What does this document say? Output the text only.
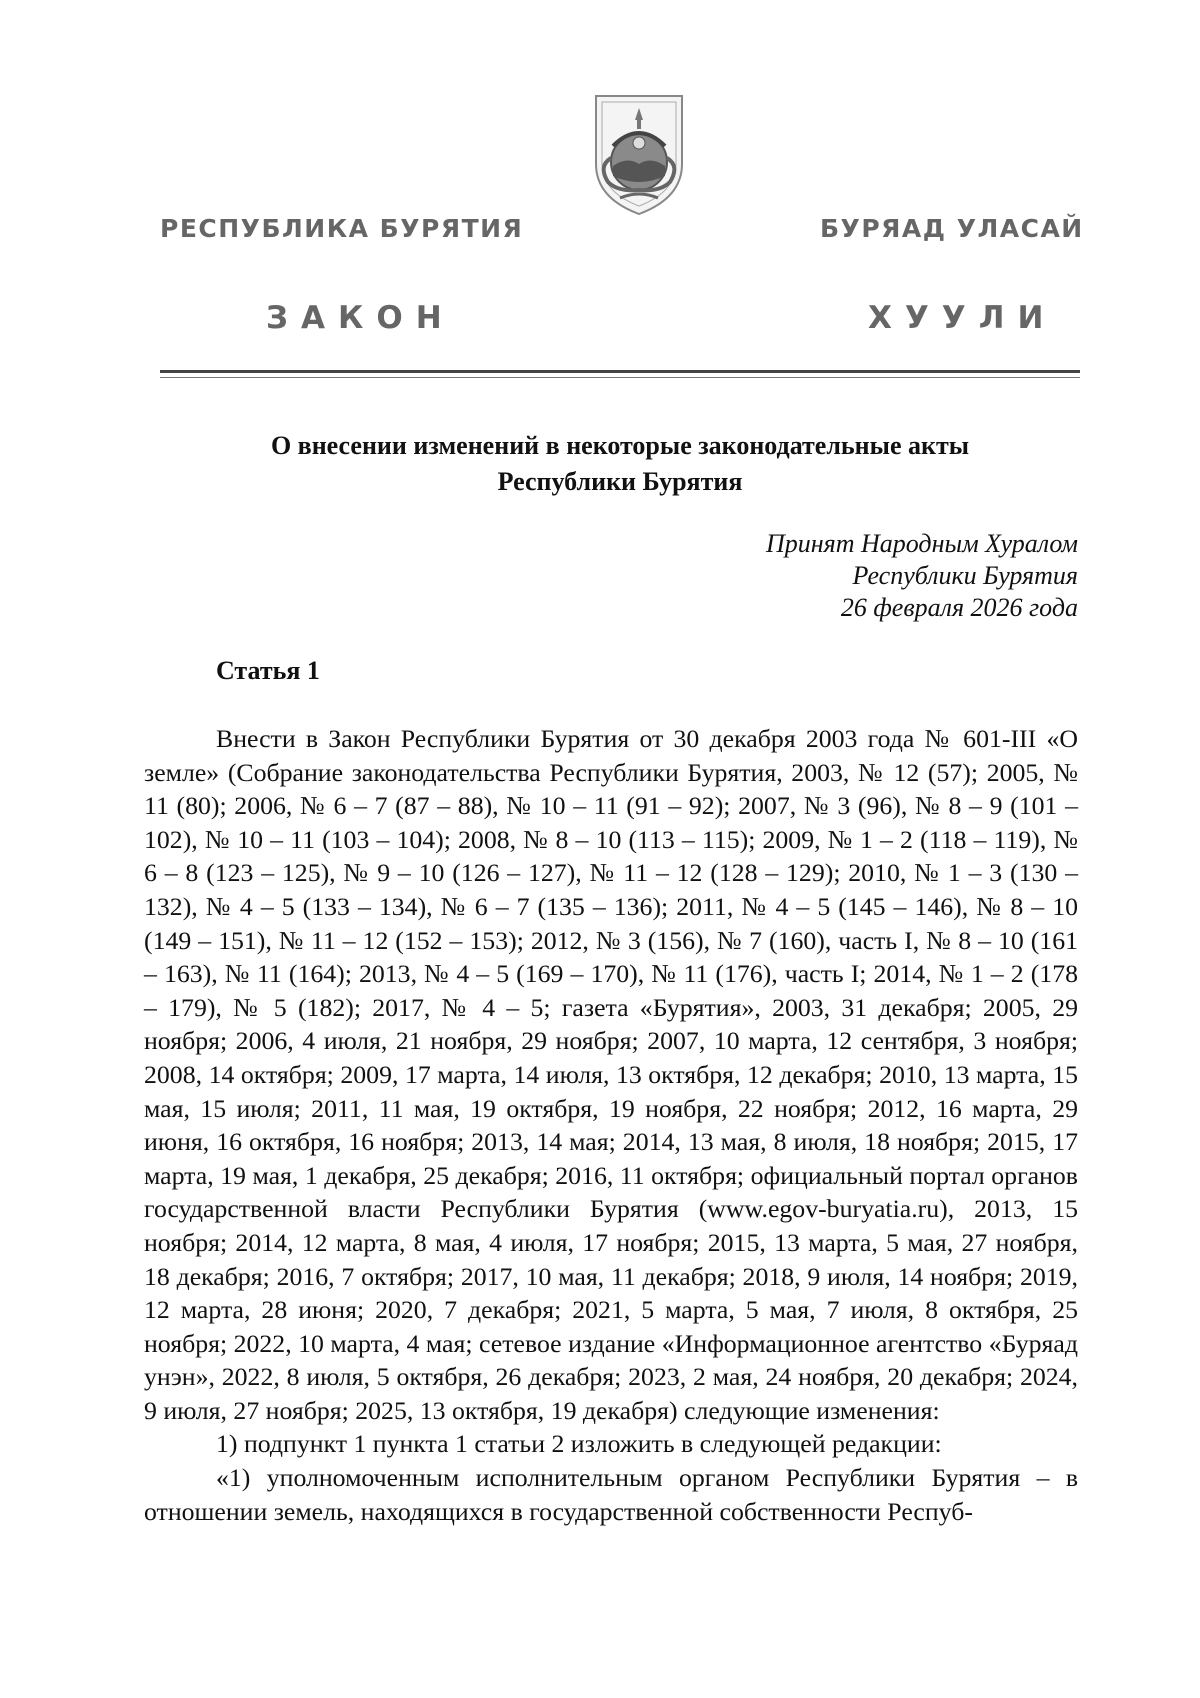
РЕСПУБЛИКА БУРЯТИЯ	БУРЯАД УЛАСАЙ
ЗАКОН	ХУУЛИ
О внесении изменений в некоторые законодательные акты
Республики Бурятия
Принят Народным Хуралом
Республики Бурятия
26 февраля 2026 года
Статья 1

Внести в Закон Республики Бурятия от 30 декабря 2003 года № 601-III «О земле» (Собрание законодательства Республики Бурятия, 2003, № 12 (57); 2005, № 11 (80); 2006, № 6 – 7 (87 – 88), № 10 – 11 (91 – 92); 2007, № 3 (96), № 8 – 9 (101 – 102), № 10 – 11 (103 – 104); 2008, № 8 – 10 (113 – 115); 2009, № 1 – 2 (118 – 119), № 6 – 8 (123 – 125), № 9 – 10 (126 – 127), № 11 – 12 (128 – 129); 2010, № 1 – 3 (130 – 132), № 4 – 5 (133 – 134), № 6 – 7 (135 – 136); 2011, № 4 – 5 (145 – 146), № 8 – 10 (149 – 151), № 11 – 12 (152 – 153); 2012, № 3 (156), № 7 (160), часть I, № 8 – 10 (161 – 163), № 11 (164); 2013, № 4 – 5 (169 – 170), № 11 (176), часть I; 2014, № 1 – 2 (178 – 179), № 5 (182); 2017, № 4 – 5; газета «Бурятия», 2003, 31 декабря; 2005, 29 ноября; 2006, 4 июля, 21 ноября, 29 ноября; 2007, 10 марта, 12 сентября, 3 ноября; 2008, 14 октября; 2009, 17 марта, 14 июля, 13 октября, 12 декабря; 2010, 13 марта, 15 мая, 15 июля; 2011, 11 мая, 19 октября, 19 ноября, 22 ноября; 2012, 16 марта, 29 июня, 16 октября, 16 ноября; 2013, 14 мая; 2014, 13 мая, 8 июля, 18 ноября; 2015, 17 марта, 19 мая, 1 декабря, 25 декабря; 2016, 11 октября; официальный портал органов государственной власти Республики Бурятия (www.egov-buryatia.ru), 2013, 15 ноября; 2014, 12 марта, 8 мая, 4 июля, 17 ноября; 2015, 13 марта, 5 мая, 27 ноября, 18 декабря; 2016, 7 октября; 2017, 10 мая, 11 декабря; 2018, 9 июля, 14 ноября; 2019, 12 марта, 28 июня; 2020, 7 декабря; 2021, 5 марта, 5 мая, 7 июля, 8 октября, 25 ноября; 2022, 10 марта, 4 мая; сетевое издание «Информационное агентство «Буряад унэн», 2022, 8 июля, 5 октября, 26 декабря; 2023, 2 мая, 24 ноября, 20 декабря; 2024, 9 июля, 27 ноября; 2025, 13 октября, 19 декабря) следующие изменения:

1) подпункт 1 пункта 1 статьи 2 изложить в следующей редакции:

«1) уполномоченным исполнительным органом Республики Бурятия – в отношении земель, находящихся в государственной собственности Респуб-
